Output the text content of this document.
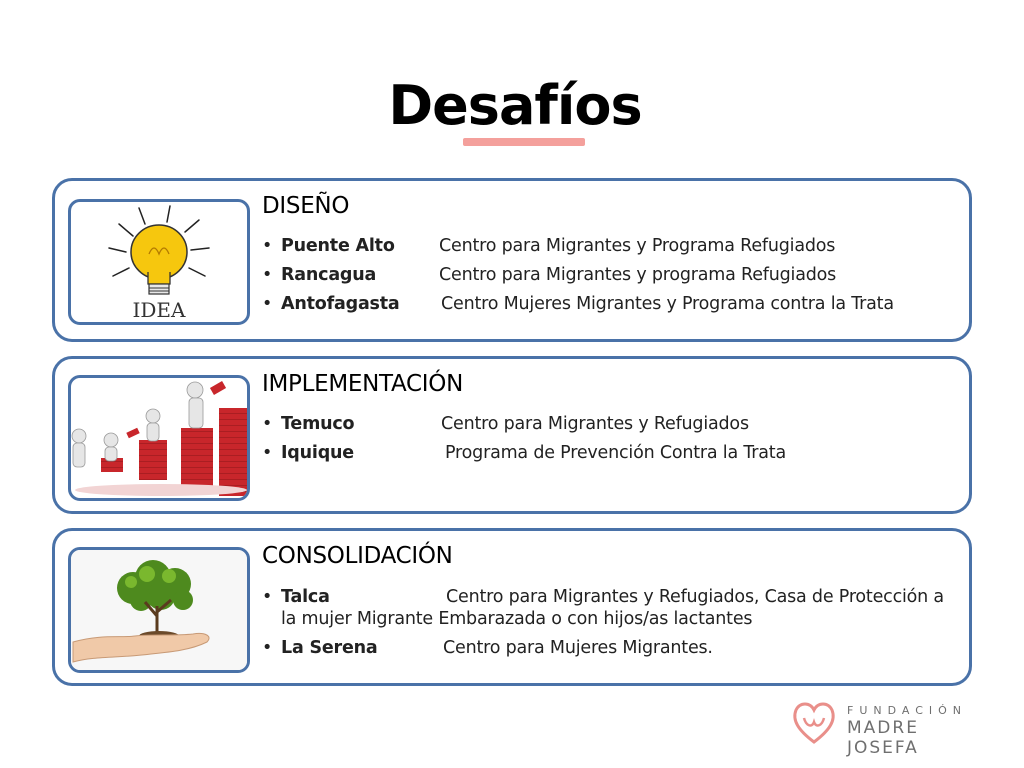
Desafíos
IDEA
DISEÑO
• Puente Alto	Centro para Migrantes y Programa Refugiados
• Rancagua	Centro para Migrantes y programa Refugiados
• Antofagasta Centro Mujeres Migrantes y Programa contra la Trata
IMPLEMENTACIÓN
• Temuco	Centro para Migrantes y Refugiados
• Iquique	Programa de Prevención Contra la Trata
CONSOLIDACIÓN
• Talca	Centro para Migrantes y Refugiados, Casa de Protección a la mujer Migrante Embarazada o con hijos/as lactantes
• La Serena	Centro para Mujeres Migrantes.
FUNDACIÓN
MADRE JOSEFA
